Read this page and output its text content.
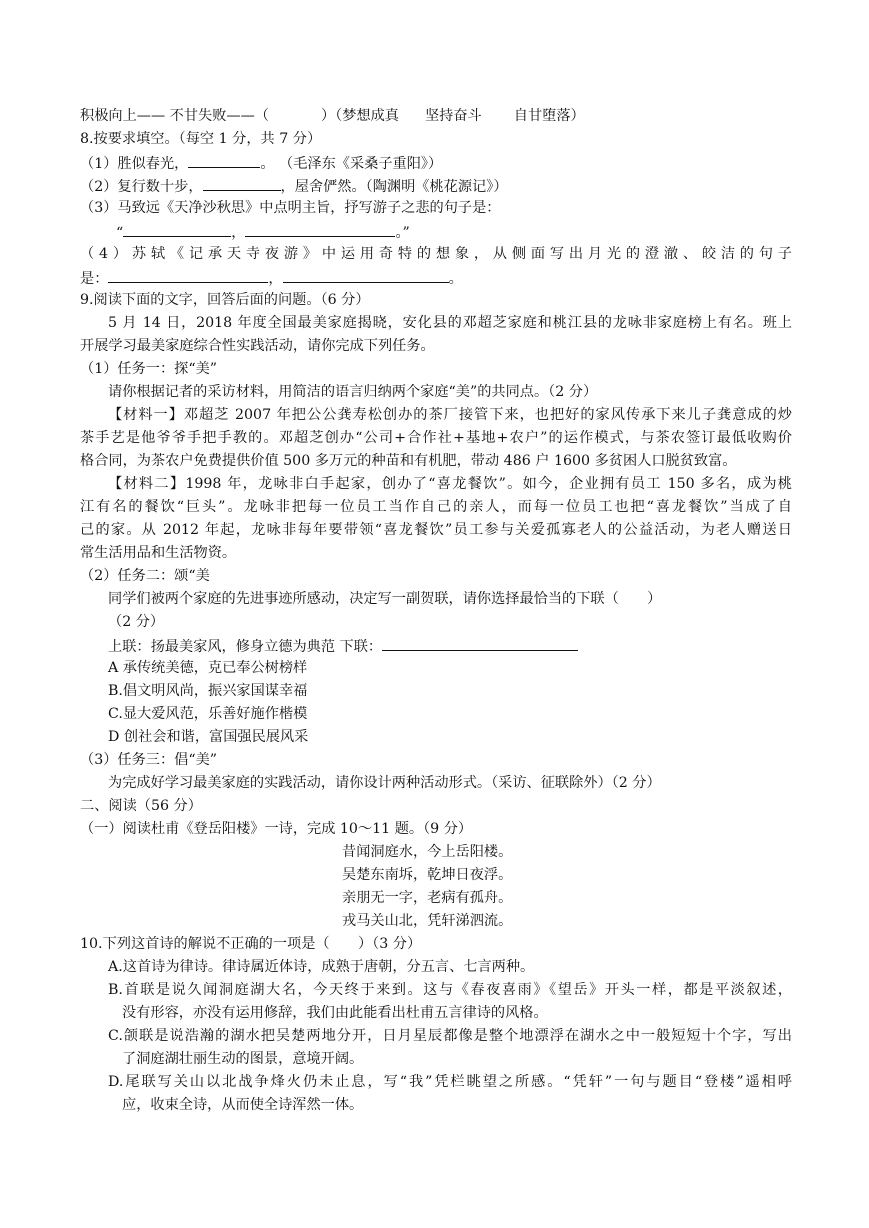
积极向上—— 不甘失败——（	）（梦想成真 坚持奋斗 自甘堕落）
8.按要求填空。（每空 1 分，共 7 分）
（1）胜似春光，	。 （毛泽东《采桑子重阳》）
（2）复行数十步，	，屋舍俨然。（陶渊明《桃花源记》）
（3）马致远《天净沙秋思》中点明主旨，抒写游子之悲的句子是：
“	，	。”
（4）苏轼《记承天寺夜游》中运用奇特的想象，从侧面写出月光的澄澈、皎洁的句子
是：	，	。
9.阅读下面的文字，回答后面的问题。（6 分）
5 月 14 日，2018 年度全国最美家庭揭晓，安化县的邓超芝家庭和桃江县的龙咏非家庭榜上有名。班上
开展学习最美家庭综合性实践活动，请你完成下列任务。
（1）任务一：探“美”
请你根据记者的采访材料，用简洁的语言归纳两个家庭“美”的共同点。（2 分）
【材料一】邓超芝 2007 年把公公龚寿松创办的茶厂接管下来，也把好的家风传承下来儿子龚意成的炒
茶手艺是他爷爷手把手教的。邓超芝创办“公司+合作社+基地+农户”的运作模式，与茶农签订最低收购价
格合同，为茶农户免费提供价值 500 多万元的种苗和有机肥，带动 486 户 1600 多贫困人口脱贫致富。
【材料二】1998 年，龙咏非白手起家，创办了“喜龙餐饮”。如今，企业拥有员工 150 多名，成为桃
江有名的餐饮“巨头”。龙咏非把每一位员工当作自己的亲人，而每一位员工也把“喜龙餐饮”当成了自
己的家。从 2012 年起，龙咏非每年要带领“喜龙餐饮”员工参与关爱孤寡老人的公益活动，为老人赠送日
常生活用品和生活物资。
（2）任务二：颂“美
同学们被两个家庭的先进事迹所感动，决定写一副贺联，请你选择最恰当的下联（　　）
（2 分）
上联：扬最美家风，修身立德为典范 下联：
A 承传统美德，克已奉公树榜样
B.倡文明风尚，振兴家国谋幸福
C.显大爱风范，乐善好施作楷模
D 创社会和谐，富国强民展风采
（3）任务三：倡“美”
为完成好学习最美家庭的实践活动，请你设计两种活动形式。（采访、征联除外）（2 分）
二、阅读（56 分）
（一）阅读杜甫《登岳阳楼》一诗，完成 10～11 题。（9 分）
昔闻洞庭水，今上岳阳楼。
吴楚东南坼，乾坤日夜浮。
亲朋无一字，老病有孤舟。
戎马关山北，凭轩涕泗流。
10.下列这首诗的解说不正确的一项是（　　）（3 分）
A.这首诗为律诗。律诗属近体诗，成熟于唐朝，分五言、七言两种。
B.首联是说久闻洞庭湖大名，今天终于来到。这与《春夜喜雨》《望岳》开头一样，都是平淡叙述，
没有形容，亦没有运用修辞，我们由此能看出杜甫五言律诗的风格。
C.颌联是说浩瀚的湖水把吴楚两地分开，日月星辰都像是整个地漂浮在湖水之中一般短短十个字，写出
了洞庭湖壮丽生动的图景，意境开阔。
D.尾联写关山以北战争烽火仍未止息，写“我”凭栏眺望之所感。“凭轩”一句与题目“登楼”遥相呼
应，收束全诗，从而使全诗浑然一体。
